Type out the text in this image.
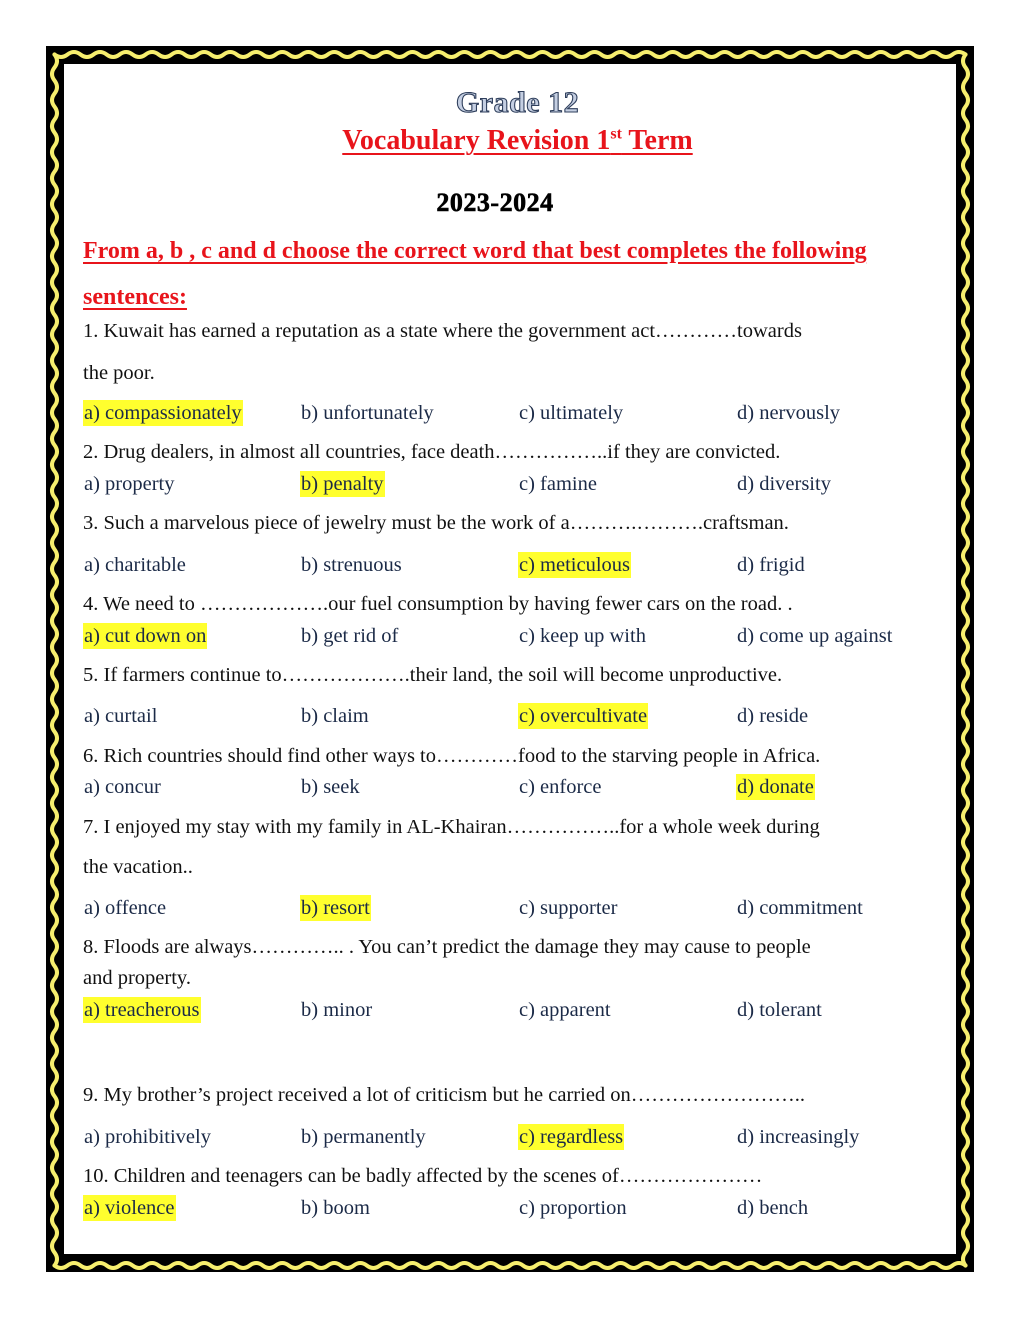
Grade 12
Vocabulary Revision 1st Term
2023-2024
From a, b , c and d choose the correct word that best completes the following sentences:
1. Kuwait has earned a reputation as a state where the government act…………towards
the poor.
a) compassionately	b) unfortunately	c) ultimately	d) nervously
2. Drug dealers, in almost all countries, face death……………..if they are convicted.
a) property	b) penalty	c) famine	d) diversity
3. Such a marvelous piece of jewelry must be the work of a……….……….craftsman.
a) charitable	b) strenuous	c) meticulous	d) frigid
4. We need to ……………….our fuel consumption by having fewer cars on the road. .
a) cut down on	b) get rid of	c) keep up with	d) come up against
5. If farmers continue to……………….their land, the soil will become unproductive.
a) curtail	b) claim	c) overcultivate	d) reside
6. Rich countries should find other ways to…………food to the starving people in Africa.
a) concur	b) seek	c) enforce	d) donate
7. I enjoyed my stay with my family in AL-Khairan……………..for a whole week during
the vacation..
a) offence	b) resort	c) supporter	d) commitment
8. Floods are always………….. . You can’t predict the damage they may cause to people
and property.
a) treacherous	b) minor	c) apparent	d) tolerant
9. My brother’s project received a lot of criticism but he carried on……………………..
a) prohibitively	b) permanently	c) regardless	d) increasingly
10. Children and teenagers can be badly affected by the scenes of…………………
a) violence	b) boom	c) proportion	d) bench
